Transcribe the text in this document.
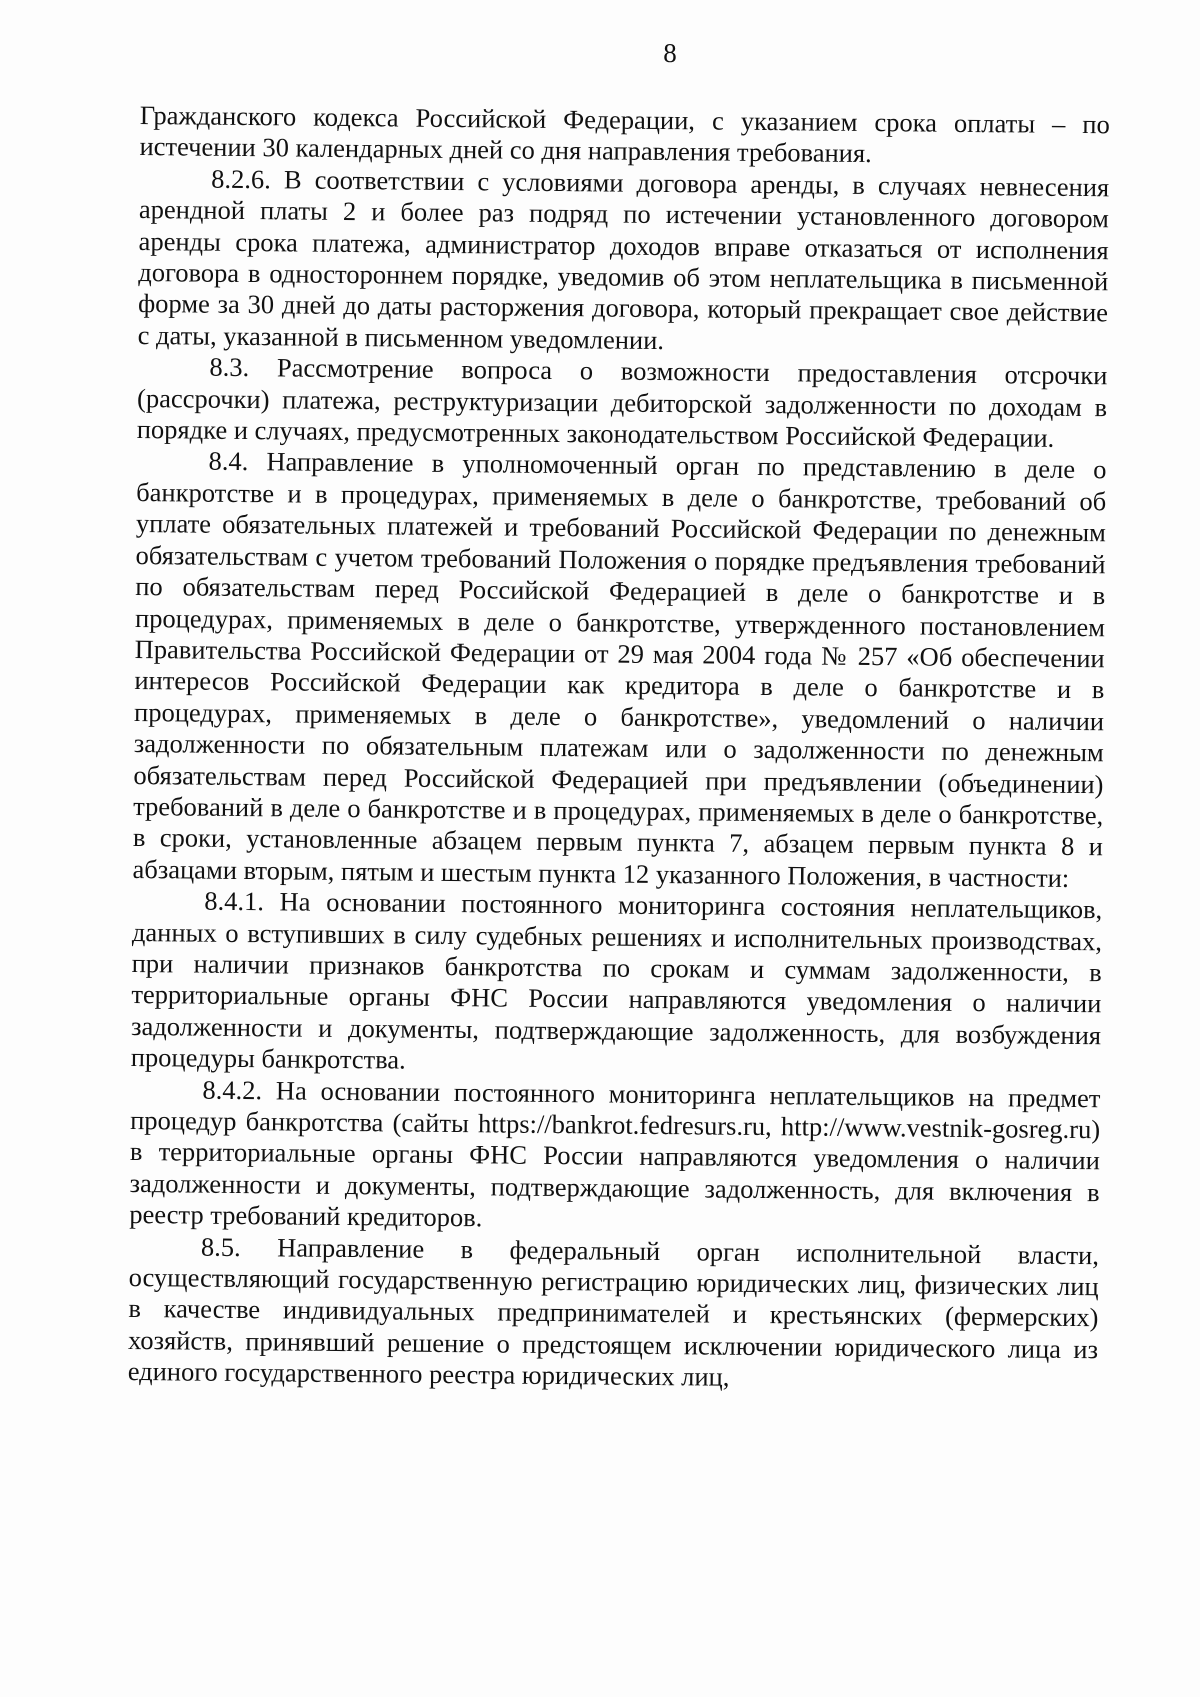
8

Гражданского кодекса Российской Федерации, с указанием срока оплаты – по истечении 30 календарных дней со дня направления требования.

8.2.6. В соответствии с условиями договора аренды, в случаях невнесения арендной платы 2 и более раз подряд по истечении установленного договором аренды срока платежа, администратор доходов вправе отказаться от исполнения договора в одностороннем порядке, уведомив об этом неплательщика в письменной форме за 30 дней до даты расторжения договора, который прекращает свое действие с даты, указанной в письменном уведомлении.

8.3. Рассмотрение вопроса о возможности предоставления отсрочки (рассрочки) платежа, реструктуризации дебиторской задолженности по доходам в порядке и случаях, предусмотренных законодательством Российской Федерации.

8.4. Направление в уполномоченный орган по представлению в деле о банкротстве и в процедурах, применяемых в деле о банкротстве, требований об уплате обязательных платежей и требований Российской Федерации по денежным обязательствам с учетом требований Положения о порядке предъявления требований по обязательствам перед Российской Федерацией в деле о банкротстве и в процедурах, применяемых в деле о банкротстве, утвержденного постановлением Правительства Российской Федерации от 29 мая 2004 года № 257 «Об обеспечении интересов Российской Федерации как кредитора в деле о банкротстве и в процедурах, применяемых в деле о банкротстве», уведомлений о наличии задолженности по обязательным платежам или о задолженности по денежным обязательствам перед Российской Федерацией при предъявлении (объединении) требований в деле о банкротстве и в процедурах, применяемых в деле о банкротстве, в сроки, установленные абзацем первым пункта 7, абзацем первым пункта 8 и абзацами вторым, пятым и шестым пункта 12 указанного Положения, в частности:

8.4.1. На основании постоянного мониторинга состояния неплательщиков, данных о вступивших в силу судебных решениях и исполнительных производствах, при наличии признаков банкротства по срокам и суммам задолженности, в территориальные органы ФНС России направляются уведомления о наличии задолженности и документы, подтверждающие задолженность, для возбуждения процедуры банкротства.

8.4.2. На основании постоянного мониторинга неплательщиков на предмет процедур банкротства (сайты https://bankrot.fedresurs.ru, http://www.vestnik-gosreg.ru) в территориальные органы ФНС России направляются уведомления о наличии задолженности и документы, подтверждающие задолженность, для включения в реестр требований кредиторов.

8.5. Направление в федеральный орган исполнительной власти, осуществляющий государственную регистрацию юридических лиц, физических лиц в качестве индивидуальных предпринимателей и крестьянских (фермерских) хозяйств, принявший решение о предстоящем исключении юридического лица из единого государственного реестра юридических лиц,
